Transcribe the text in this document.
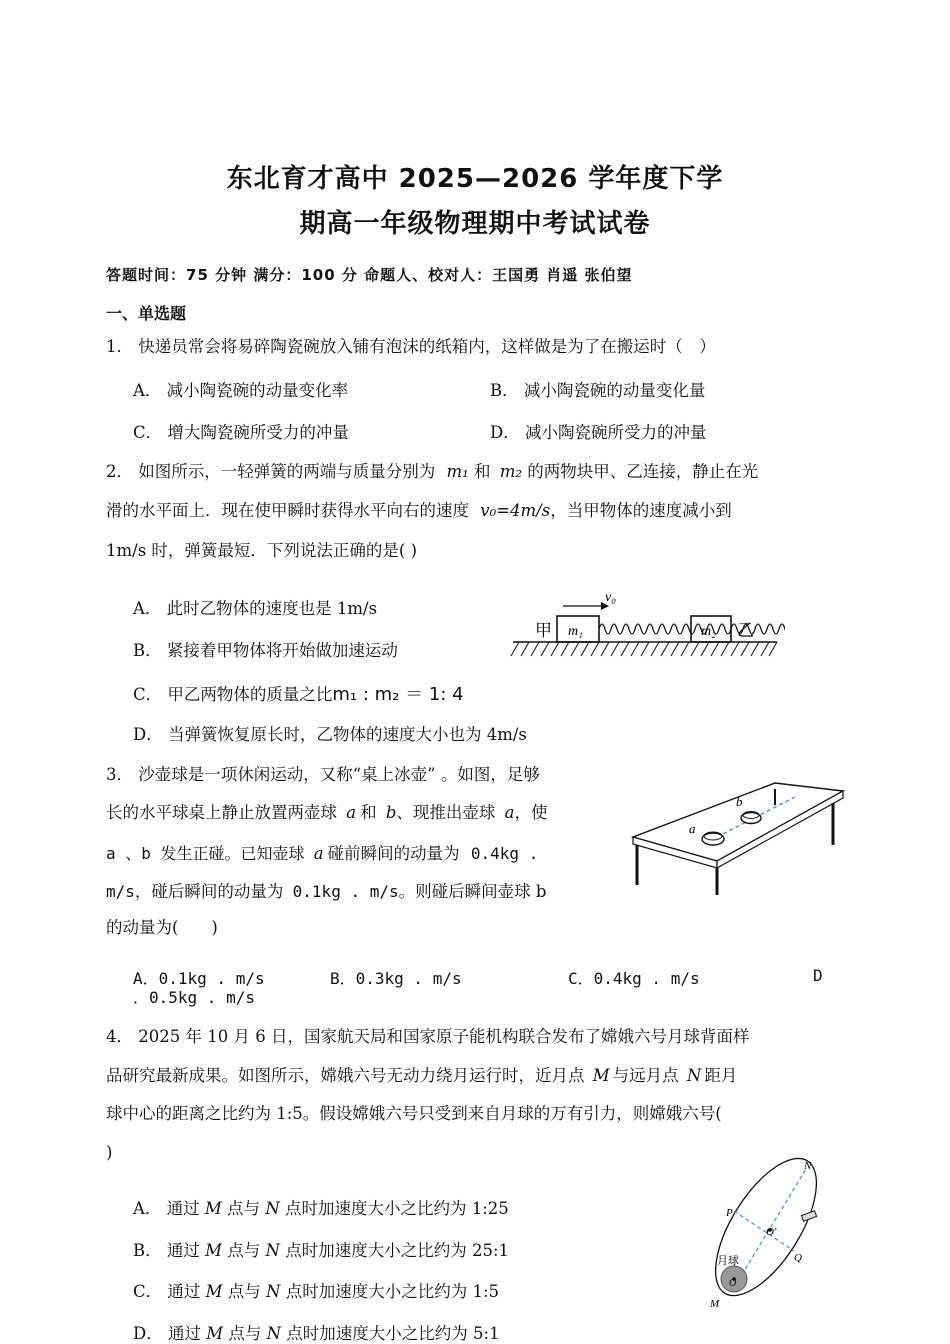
东北育才高中 2025—2026 学年度下学
期高一年级物理期中考试试卷
答题时间：75 分钟 满分：100 分 命题人、校对人：王国勇 肖遥 张伯望
一、单选题
1． 快递员常会将易碎陶瓷碗放入铺有泡沫的纸箱内，这样做是为了在搬运时（　）
A． 减小陶瓷碗的动量变化率	B． 减小陶瓷碗的动量变化量
C． 增大陶瓷碗所受力的冲量	D． 减小陶瓷碗所受力的冲量
2． 如图所示，一轻弹簧的两端与质量分别为 m₁ 和 m₂ 的两物块甲、乙连接，静止在光
滑的水平面上．现在使甲瞬时获得水平向右的速度 v₀=4m/s，当甲物体的速度减小到
1m/s 时，弹簧最短．下列说法正确的是( )
A． 此时乙物体的速度也是 1m/s
B． 紧接着甲物体将开始做加速运动
C． 甲乙两物体的质量之比m₁ : m₂ ＝ 1: 4
D． 当弹簧恢复原长时，乙物体的速度大小也为 4m/s
甲 m₁
v₀
m₂ 乙
3． 沙壶球是一项休闲运动，又称“桌上冰壶” 。如图，足够
长的水平球桌上静止放置两壶球 a 和 b、现推出壶球 a，使
a 、b 发生正碰。已知壶球 a 碰前瞬间的动量为 0.4kg .
m/s，碰后瞬间的动量为 0.1kg . m/s。则碰后瞬间壶球 b
的动量为(　　)
A．0.1kg . m/s	B．0.3kg . m/s	C．0.4kg . m/s	D
．0.5kg . m/s
a
b
4． 2025 年 10 月 6 日，国家航天局和国家原子能机构联合发布了嫦娥六号月球背面样
品研究最新成果。如图所示，嫦娥六号无动力绕月运行时，近月点 M 与远月点 N 距月
球中心的距离之比约为 1:5。假设嫦娥六号只受到来自月球的万有引力，则嫦娥六号(
)
A． 通过 M 点与 N 点时加速度大小之比约为 1:25
B． 通过 M 点与 N 点时加速度大小之比约为 25:1
C． 通过 M 点与 N 点时加速度大小之比约为 1:5
D． 通过 M 点与 N 点时加速度大小之比约为 5:1
N
P
O'
Q
月球
O
M
